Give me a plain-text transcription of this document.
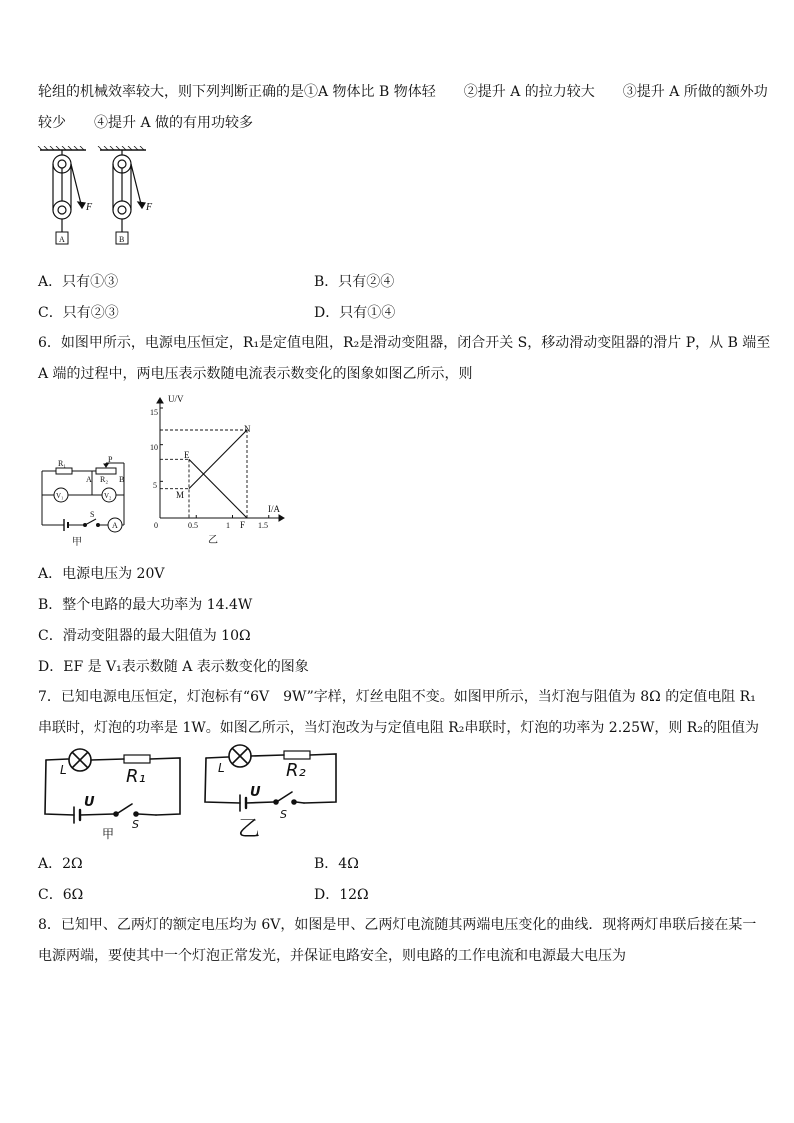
轮组的机械效率较大，则下列判断正确的是①A 物体比 B 物体轻　　②提升 A 的拉力较大　　③提升 A 所做的额外功
较少　　④提升 A 做的有用功较多
F
A
F
B
A．只有①③	B．只有②④
C．只有②③	D．只有①④
6．如图甲所示，电源电压恒定，R₁是定值电阻，R₂是滑动变阻器，闭合开关 S，移动滑动变阻器的滑片 P，从 B 端至
A 端的过程中，两电压表示数随电流表示数变化的图象如图乙所示，则
R₁	P
A R₂ B
V₁	V₂
S
A
甲
U/V
I/A
15
10
5
0	0.5	1	1.5
N
E
M
F
乙
A．电源电压为 20V
B．整个电路的最大功率为 14.4W
C．滑动变阻器的最大阻值为 10Ω
D．EF 是 V₁表示数随 A 表示数变化的图象
7．已知电源电压恒定，灯泡标有“6V　9W”字样，灯丝电阻不变。如图甲所示，当灯泡与阻值为 8Ω 的定值电阻 R₁
串联时，灯泡的功率是 1W。如图乙所示，当灯泡改为与定值电阻 R₂串联时，灯泡的功率为 2.25W，则 R₂的阻值为
L	R₁
U
S
甲
L	R₂
U
S
乙
A．2Ω	B．4Ω
C．6Ω	D．12Ω
8．已知甲、乙两灯的额定电压均为 6V，如图是甲、乙两灯电流随其两端电压变化的曲线．现将两灯串联后接在某一
电源两端，要使其中一个灯泡正常发光，并保证电路安全，则电路的工作电流和电源最大电压为
